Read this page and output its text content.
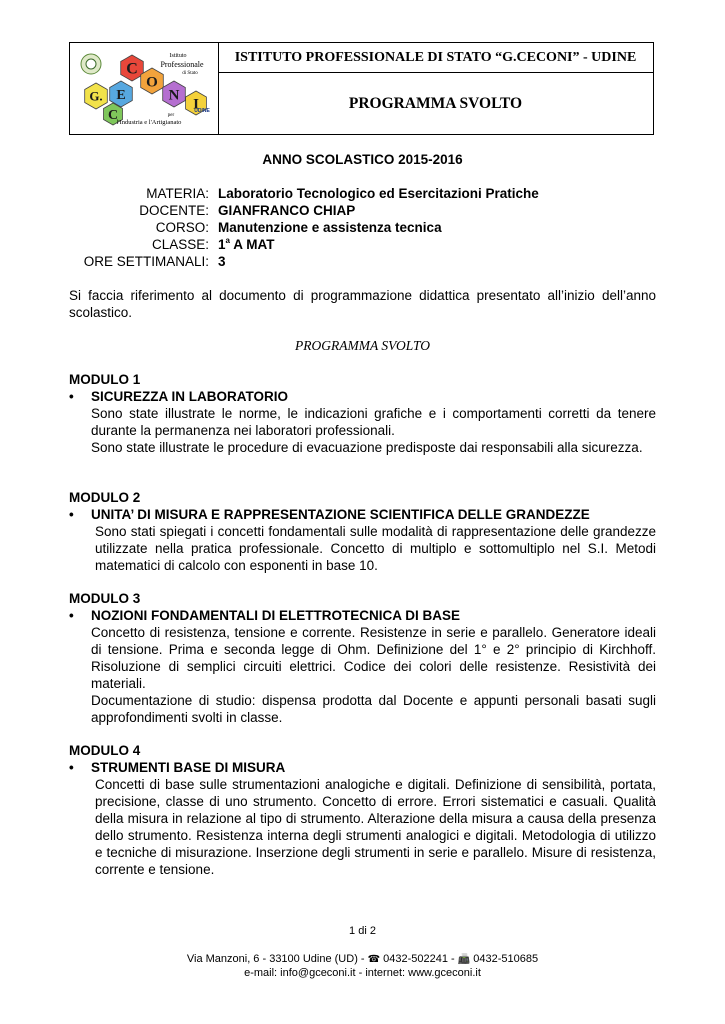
G.
C
E
C
O
N
I
Istituto
Professionale
di Stato
per
l'Industria e l'Artigianato
UDINE
ISTITUTO PROFESSIONALE DI STATO “G.CECONI” - UDINE
PROGRAMMA SVOLTO
ANNO SCOLASTICO 2015-2016
MATERIA: Laboratorio Tecnologico ed Esercitazioni Pratiche
DOCENTE: GIANFRANCO CHIAP
CORSO: Manutenzione e assistenza tecnica
CLASSE: 1$^a$ A MAT
ORE SETTIMANALI: 3
Si faccia riferimento al documento di programmazione didattica presentato all’inizio dell’anno scolastico.
PROGRAMMA SVOLTO
MODULO 1
•	SICUREZZA IN LABORATORIO

Sono state illustrate le norme, le indicazioni grafiche e i comportamenti corretti da tenere durante la permanenza nei laboratori professionali.

Sono state illustrate le procedure di evacuazione predisposte dai responsabili alla sicurezza.

MODULO 2
•	UNITA’ DI MISURA E RAPPRESENTAZIONE SCIENTIFICA DELLE GRANDEZZE

Sono stati spiegati i concetti fondamentali sulle modalità di rappresentazione delle grandezze utilizzate nella pratica professionale. Concetto di multiplo e sottomultiplo nel S.I. Metodi matematici di calcolo con esponenti in base 10.

MODULO 3
•	NOZIONI FONDAMENTALI DI ELETTROTECNICA DI BASE

Concetto di resistenza, tensione e corrente. Resistenze in serie e parallelo. Generatore ideali di tensione. Prima e seconda legge di Ohm. Definizione del 1° e 2° principio di Kirchhoff. Risoluzione di semplici circuiti elettrici. Codice dei colori delle resistenze. Resistività dei materiali.

Documentazione di studio: dispensa prodotta dal Docente e appunti personali basati sugli approfondimenti svolti in classe.

MODULO 4
•	STRUMENTI BASE DI MISURA

Concetti di base sulle strumentazioni analogiche e digitali. Definizione di sensibilità, portata, precisione, classe di uno strumento. Concetto di errore. Errori sistematici e casuali. Qualità della misura in relazione al tipo di strumento. Alterazione della misura a causa della presenza dello strumento. Resistenza interna degli strumenti analogici e digitali. Metodologia di utilizzo e tecniche di misurazione. Inserzione degli strumenti in serie e parallelo. Misure di resistenza, corrente e tensione.

1 di 2
Via Manzoni, 6 - 33100 Udine (UD) - ☎ 0432-502241 - 📠 0432-510685
e-mail: info@gceconi.it - internet: www.gceconi.it
